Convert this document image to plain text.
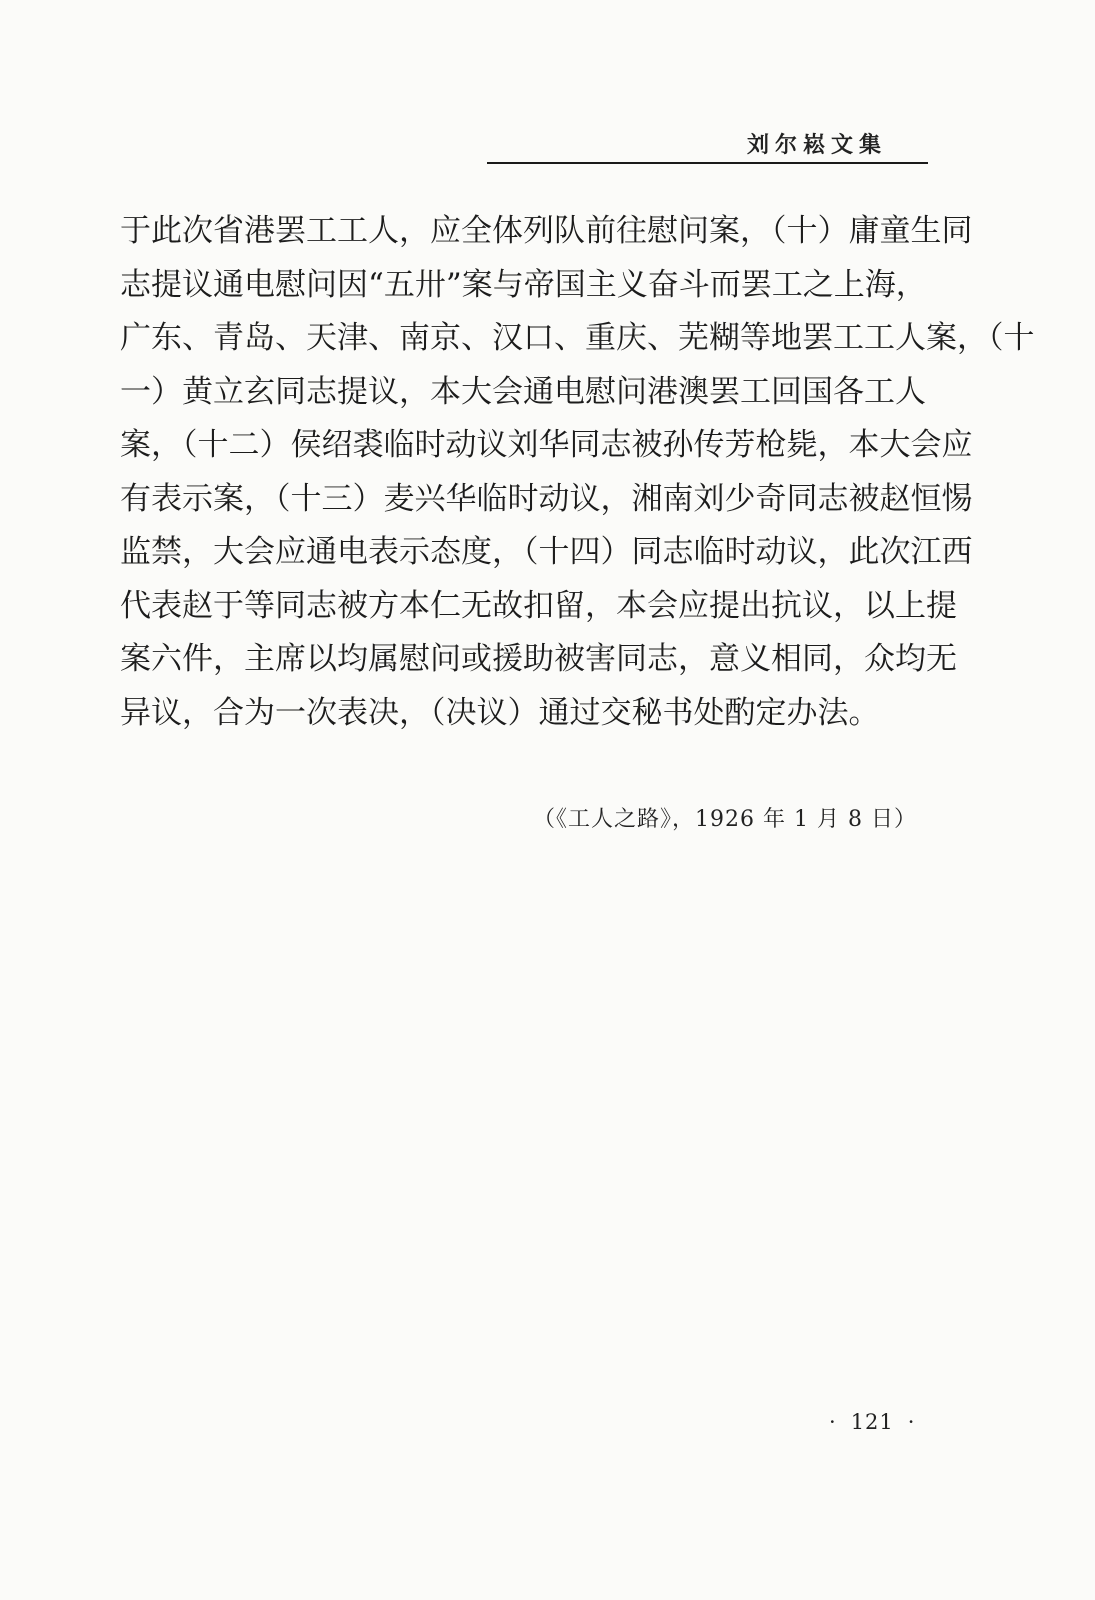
刘尔崧文集
于此次省港罢工工人，应全体列队前往慰问案，（十）庸童生同
志提议通电慰问因“五卅”案与帝国主义奋斗而罢工之上海，
广东、青岛、天津、南京、汉口、重庆、芜糊等地罢工工人案，（十
一）黄立玄同志提议，本大会通电慰问港澳罢工回国各工人
案，（十二）侯绍裘临时动议刘华同志被孙传芳枪毙，本大会应
有表示案，（十三）麦兴华临时动议，湘南刘少奇同志被赵恒惕
监禁，大会应通电表示态度，（十四）同志临时动议，此次江西
代表赵于等同志被方本仁无故扣留，本会应提出抗议，以上提
案六件，主席以均属慰问或援助被害同志，意义相同，众均无
异议，合为一次表决，（决议）通过交秘书处酌定办法。
（《工人之路》，1926 年 1 月 8 日）
· 121 ·
